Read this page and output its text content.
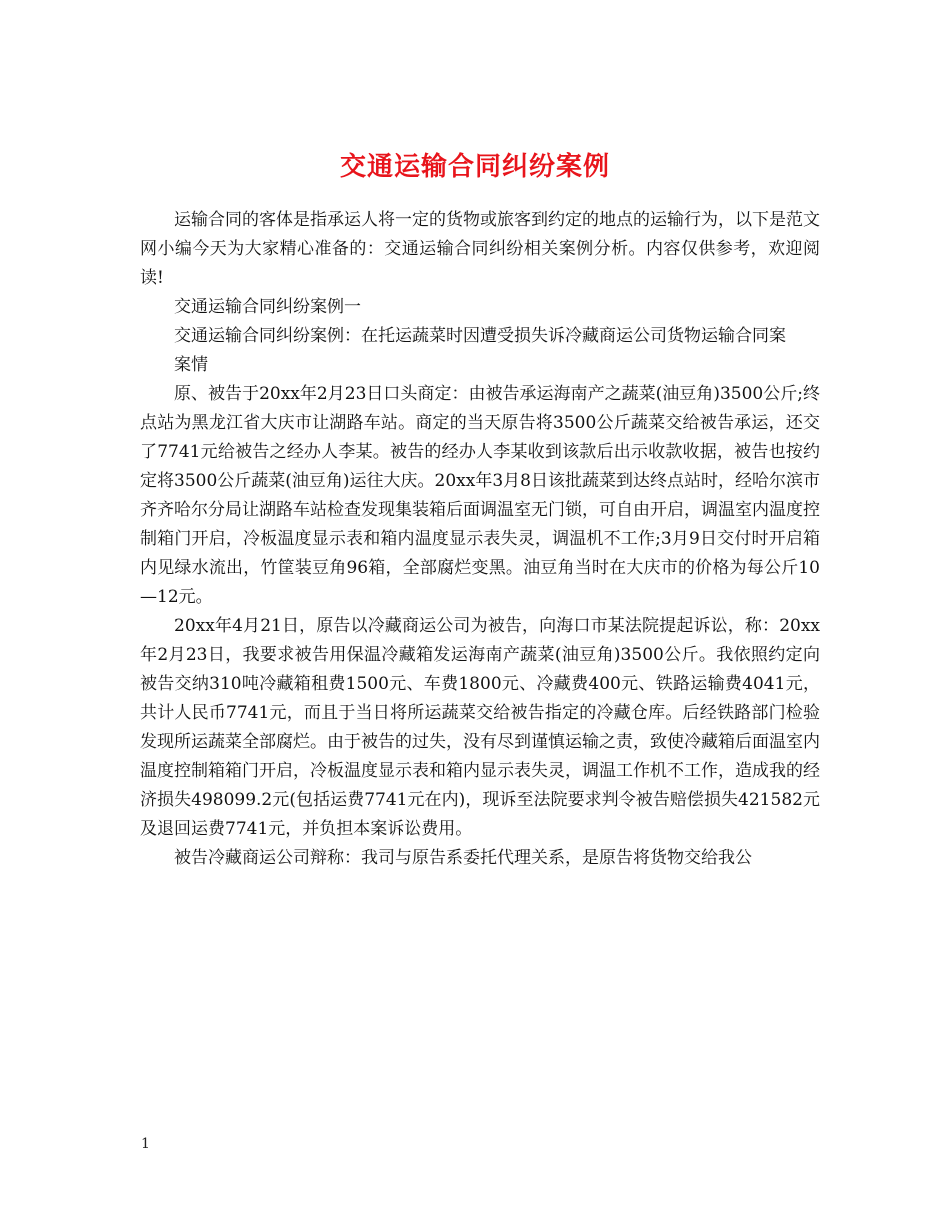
交通运输合同纠纷案例

运输合同的客体是指承运人将一定的货物或旅客到约定的地点的运输行为，以下是范文网小编今天为大家精心准备的：交通运输合同纠纷相关案例分析。内容仅供参考，欢迎阅读!

交通运输合同纠纷案例一

交通运输合同纠纷案例：在托运蔬菜时因遭受损失诉冷藏商运公司货物运输合同案

案情

原、被告于20xx年2月23日口头商定：由被告承运海南产之蔬菜(油豆角)3500公斤;终点站为黑龙江省大庆市让湖路车站。商定的当天原告将3500公斤蔬菜交给被告承运，还交了7741元给被告之经办人李某。被告的经办人李某收到该款后出示收款收据，被告也按约定将3500公斤蔬菜(油豆角)运往大庆。20xx年3月8日该批蔬菜到达终点站时，经哈尔滨市齐齐哈尔分局让湖路车站检查发现集装箱后面调温室无门锁，可自由开启，调温室内温度控制箱门开启，冷板温度显示表和箱内温度显示表失灵，调温机不工作;3月9日交付时开启箱内见绿水流出，竹筐装豆角96箱，全部腐烂变黑。油豆角当时在大庆市的价格为每公斤10—12元。

20xx年4月21日，原告以冷藏商运公司为被告，向海口市某法院提起诉讼，称：20xx年2月23日，我要求被告用保温冷藏箱发运海南产蔬菜(油豆角)3500公斤。我依照约定向被告交纳310吨冷藏箱租费1500元、车费1800元、冷藏费400元、铁路运输费4041元，共计人民币7741元，而且于当日将所运蔬菜交给被告指定的冷藏仓库。后经铁路部门检验发现所运蔬菜全部腐烂。由于被告的过失，没有尽到谨慎运输之责，致使冷藏箱后面温室内温度控制箱箱门开启，冷板温度显示表和箱内显示表失灵，调温工作机不工作，造成我的经济损失498099.2元(包括运费7741元在内)，现诉至法院要求判令被告赔偿损失421582元及退回运费7741元，并负担本案诉讼费用。

被告冷藏商运公司辩称：我司与原告系委托代理关系，是原告将货物交给我公

1
